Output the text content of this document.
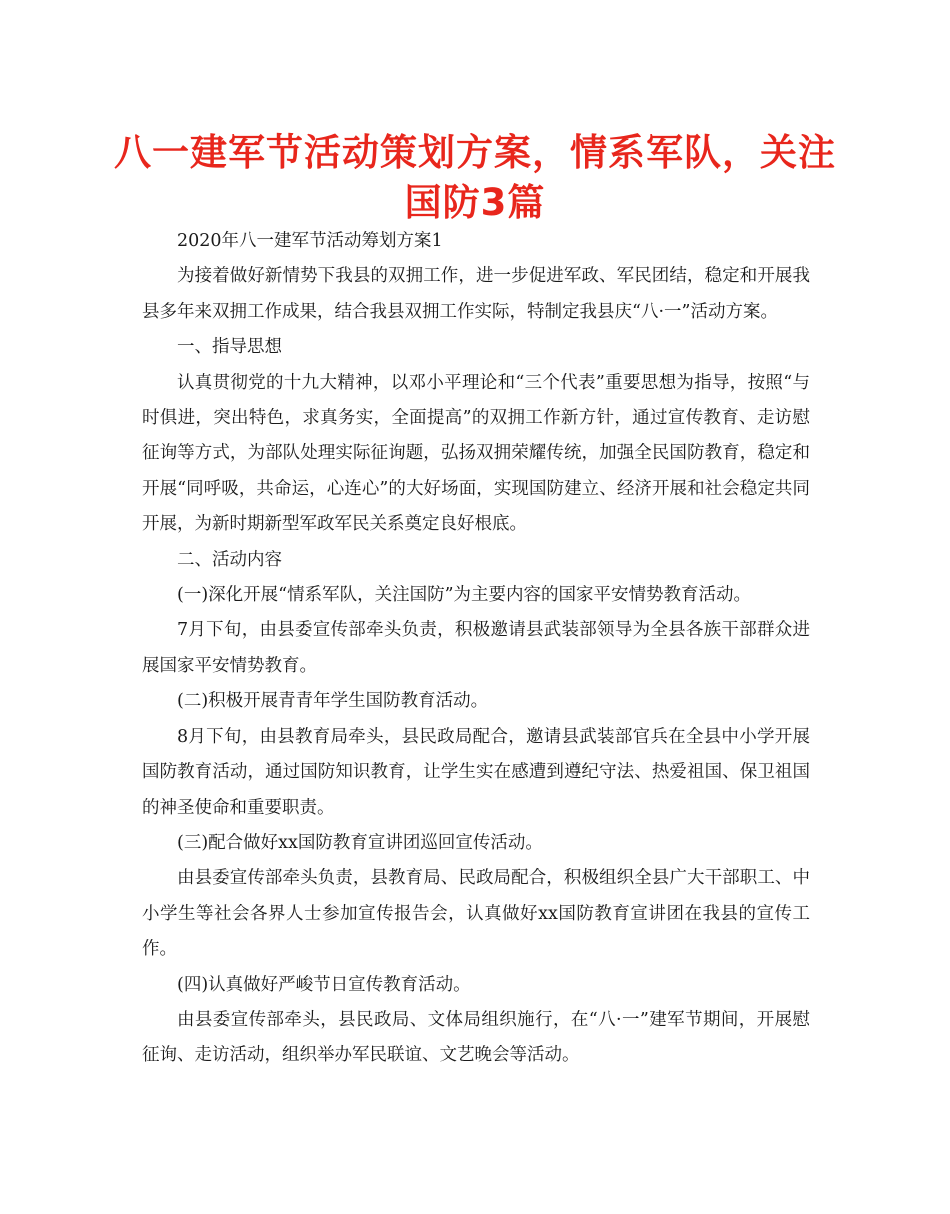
八一建军节活动策划方案，情系军队，关注国防3篇

2020年八一建军节活动筹划方案1

为接着做好新情势下我县的双拥工作，进一步促进军政、军民团结，稳定和开展我县多年来双拥工作成果，结合我县双拥工作实际，特制定我县庆“八·一”活动方案。

一、指导思想

认真贯彻党的十九大精神，以邓小平理论和“三个代表”重要思想为指导，按照“与时俱进，突出特色，求真务实，全面提高”的双拥工作新方针，通过宣传教育、走访慰征询等方式，为部队处理实际征询题，弘扬双拥荣耀传统，加强全民国防教育，稳定和开展“同呼吸，共命运，心连心”的大好场面，实现国防建立、经济开展和社会稳定共同开展，为新时期新型军政军民关系奠定良好根底。

二、活动内容

(一)深化开展“情系军队，关注国防”为主要内容的国家平安情势教育活动。

7月下旬，由县委宣传部牵头负责，积极邀请县武装部领导为全县各族干部群众进展国家平安情势教育。

(二)积极开展青青年学生国防教育活动。

8月下旬，由县教育局牵头，县民政局配合，邀请县武装部官兵在全县中小学开展国防教育活动，通过国防知识教育，让学生实在感遭到遵纪守法、热爱祖国、保卫祖国的神圣使命和重要职责。

(三)配合做好xx国防教育宣讲团巡回宣传活动。

由县委宣传部牵头负责，县教育局、民政局配合，积极组织全县广大干部职工、中小学生等社会各界人士参加宣传报告会，认真做好xx国防教育宣讲团在我县的宣传工作。

(四)认真做好严峻节日宣传教育活动。

由县委宣传部牵头，县民政局、文体局组织施行，在“八·一”建军节期间，开展慰征询、走访活动，组织举办军民联谊、文艺晚会等活动。
